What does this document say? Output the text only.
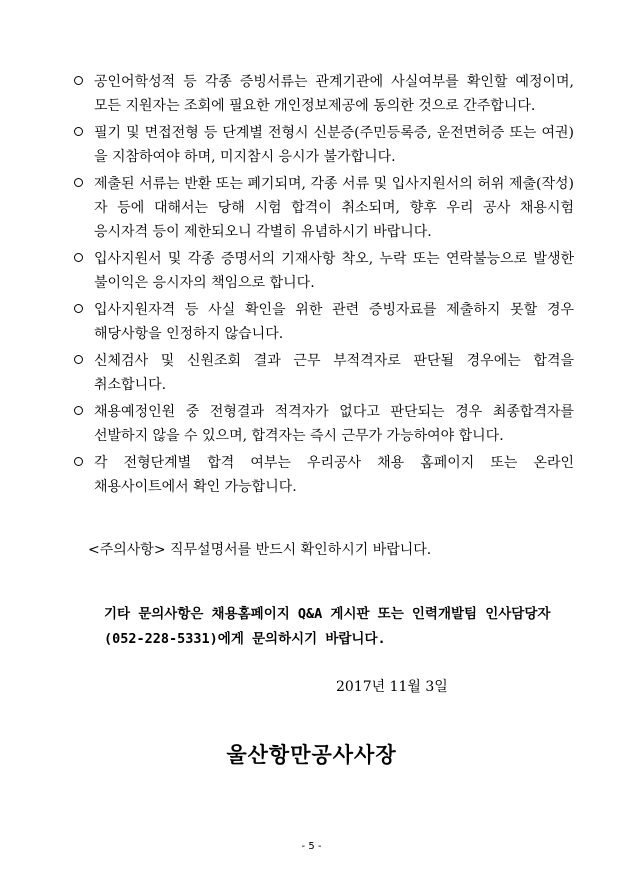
공인어학성적 등 각종 증빙서류는 관계기관에 사실여부를 확인할 예정이며, 모든 지원자는 조회에 필요한 개인정보제공에 동의한 것으로 간주합니다.
필기 및 면접전형 등 단계별 전형시 신분증(주민등록증, 운전면허증 또는 여권)을 지참하여야 하며, 미지참시 응시가 불가합니다.
제출된 서류는 반환 또는 폐기되며, 각종 서류 및 입사지원서의 허위 제출(작성)자 등에 대해서는 당해 시험 합격이 취소되며, 향후 우리 공사 채용시험 응시자격 등이 제한되오니 각별히 유념하시기 바랍니다.
입사지원서 및 각종 증명서의 기재사항 착오, 누락 또는 연락불능으로 발생한 불이익은 응시자의 책임으로 합니다.
입사지원자격 등 사실 확인을 위한 관련 증빙자료를 제출하지 못할 경우 해당사항을 인정하지 않습니다.
신체검사 및 신원조회 결과 근무 부적격자로 판단될 경우에는 합격을 취소합니다.
채용예정인원 중 전형결과 적격자가 없다고 판단되는 경우 최종합격자를 선발하지 않을 수 있으며, 합격자는 즉시 근무가 가능하여야 합니다.
각 전형단계별 합격 여부는 우리공사 채용 홈페이지 또는 온라인 채용사이트에서 확인 가능합니다.
<주의사항> 직무설명서를 반드시 확인하시기 바랍니다.
기타 문의사항은 채용홈페이지 Q&A 게시판 또는 인력개발팀 인사담당자(052-228-5331)에게 문의하시기 바랍니다.
2017년 11월 3일
울산항만공사사장
- 5 -
